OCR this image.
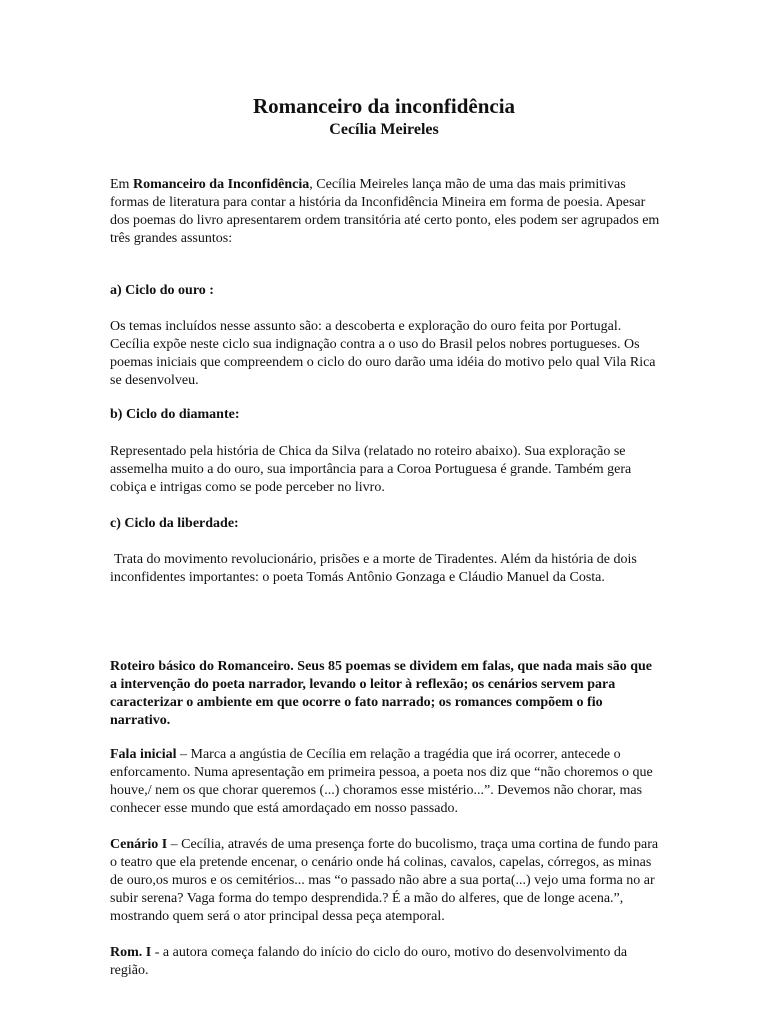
Romanceiro da inconfidência
Cecília Meireles

Em Romanceiro da Inconfidência, Cecília Meireles lança mão de uma das mais primitivas formas de literatura para contar a história da Inconfidência Mineira em forma de poesia. Apesar dos poemas do livro apresentarem ordem transitória até certo ponto, eles podem ser agrupados em três grandes assuntos:

a) Ciclo do ouro :

Os temas incluídos nesse assunto são: a descoberta e exploração do ouro feita por Portugal. Cecília expõe neste ciclo sua indignação contra a o uso do Brasil pelos nobres portugueses. Os poemas iniciais que compreendem o ciclo do ouro darão uma idéia do motivo pelo qual Vila Rica se desenvolveu.

b) Ciclo do diamante:

Representado pela história de Chica da Silva (relatado no roteiro abaixo). Sua exploração se assemelha muito a do ouro, sua importância para a Coroa Portuguesa é grande. Também gera cobiça e intrigas como se pode perceber no livro.

c) Ciclo da liberdade:

Trata do movimento revolucionário, prisões e a morte de Tiradentes. Além da história de dois inconfidentes importantes: o poeta Tomás Antônio Gonzaga e Cláudio Manuel da Costa.

Roteiro básico do Romanceiro. Seus 85 poemas se dividem em falas, que nada mais são que a intervenção do poeta narrador, levando o leitor à reflexão; os cenários servem para caracterizar o ambiente em que ocorre o fato narrado; os romances compõem o fio narrativo.

Fala inicial – Marca a angústia de Cecília em relação a tragédia que irá ocorrer, antecede o enforcamento. Numa apresentação em primeira pessoa, a poeta nos diz que “não choremos o que houve,/ nem os que chorar queremos (...) choramos esse mistério...”. Devemos não chorar, mas conhecer esse mundo que está amordaçado em nosso passado.

Cenário I – Cecília, através de uma presença forte do bucolismo, traça uma cortina de fundo para o teatro que ela pretende encenar, o cenário onde há colinas, cavalos, capelas, córregos, as minas de ouro,os muros e os cemitérios... mas “o passado não abre a sua porta(...) vejo uma forma no ar subir serena? Vaga forma do tempo desprendida.? É a mão do alferes, que de longe acena.”, mostrando quem será o ator principal dessa peça atemporal.

Rom. I - a autora começa falando do início do ciclo do ouro, motivo do desenvolvimento da região.
